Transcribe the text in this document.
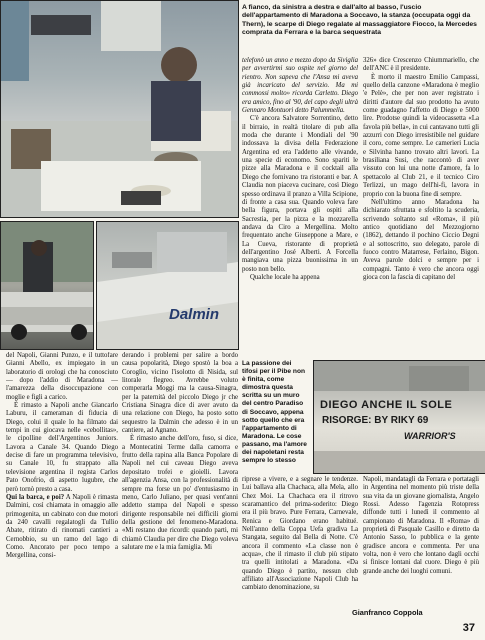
Dalmin
DIEGO ANCHE IL SOLE
RISORGE: BY RIKY 69
WARRIOR'S
A fianco, da sinistra a destra e dall'alto al basso, l'uscio dell'appartamento di Maradona a Soccavo, la stanza (occupata oggi da Thern), le scarpe di Diego regalate al massaggiatore Fiocco, la Mercedes comprata da Ferrara e la barca sequestrata
La passione dei tifosi per il Pibe non è finita, come dimostra questa scritta su un muro del centro Paradiso di Soccavo, appena sotto quello che era l'appartamento di Maradona. Le cose passano, ma l'amore dei napoletani resta sempre lo stesso

telefonò un anno e mezzo dopo da Siviglia per avvertirmi suo ospite nel giorno del rientro. Non sapeva che l'Ansa mi aveva già incaricato del servizio. Ma mi commossi molto» ricorda Carletto. Diego era amico, fino al '90, del capo degli ultrà Gennaro Montuori detto Palummella.

C'è ancora Salvatore Sorrentino, detto il birraio, in realtà titolare di pub alla moda che durante i Mondiali del '90 indossava la divisa della Federazione Argentina ed era l'addetto alle vivande, una specie di economo. Sono spariti le pizze alla Maradona e il cocktail alla Diego che fornivano tra ristoranti e bar. A Claudia non piaceva cucinare, così Diego spesso ordinava il pranzo a Villa Scipione, di fronte a casa sua. Quando voleva fare bella figura, portava gli ospiti alla Sacrestia, per la pizza e la mozzarella andava da Ciro a Mergellina. Molto frequentato anche Giuseppone a Mare, e La Cueva, ristorante di proprietà dell'argentino José Alberti. A Forcella mangiava una pizza buonissima in un posto non bello.

Qualche locale ha appena

326» dice Crescenzo Chiummariello, che dell'ANC è il presidente.

È morto il maestro Emilio Campassi, quello della canzone «Maradona è meglio 'e Pelè», che per non aver registrato i diritti d'autore dal suo prodotto ha avuto come guadagno l'affetto di Diego e 5000 lire. Prodotse quindi la videocassetta «La favola più bella», in cui cantavano tutti gli azzurri con Diego irresistibile nel guidare il coro, come sempre. Le camerieri Lucia e Silvinha hanno trovato altri lavori. La brasiliana Susi, che raccontò di aver vissuto con lui una notte d'amore, fa lo spettacolo al Club 21, e il tecnico Ciro Terlizzi, un mago dell'hi-fi, lavora in proprio con la buona fine di sempre.

Nell'ultimo anno Maradona ha dichiarato sfruttata e sfoltito la scuderia, scrivendo soltanto sul «Roma», il più antico quotidiano del Mezzogiorno (1862), dettando il pochino Ciccio Degni e al sottoscritto, suo delegato, parole di fuoco contro Matarrese, Ferlaino, Bigon. Aveva parole dolci e sempre per i compagni. Tanto è vero che ancora oggi gioca con la fascia di capitano del

del Napoli, Gianni Punzo, e il tuttofare Gianni Abello, ex impiegato in un laboratorio di orologi che ha conosciuto — dopo l'addio di Maradona — l'amarezza della disoccupazione con moglie e figli a carico.

È rimasto a Napoli anche Giancarlo Laburu, il cameraman di fiducia di Diego, colui il quale lo ha filmato dai tempi in cui giocava nelle «cebollitas», le cipolline dell'Argentinos Juniors. Lavora a Canale 34. Quando Diego decise di fare un programma televisivo, su Canale 10, fu strappato alla televisione argentina il regista Carlos Pato Onofrio, di aspetto lugubre, che però tornò presto a casa.

Qui la barca, e poi? A Napoli è rimasta Dalmini, così chiamata in omaggio alle primogenita, un cabinato con due motori da 240 cavalli regalatogli da Tullio Abate, ritirato di rinomati cantieri a Cernobbio, su un ramo del lago di Como. Ancorato per poco tempo a Mergellina, consi-

derando i problemi per salire a bordo causa popolarità, Diego spostò la boa a Coroglio, vicino l'isolotto di Nisida, sul litorale flegreo. Avrebbe voluto comperarla Moggi ma la causa-Sinagra, per la paternità del piccolo Diego jr che Cristiana Sinagra dice di aver avuto da una relazione con Diego, ha posto sotto sequestro la Dalmin che adesso è in un cantiere, ad Agnano.

È rimasto anche dell'oro, fuso, si dice, a Montecatini Terme dalla camorra e frutto della rapina alla Banca Popolare di Napoli nel cui caveau Diego aveva depositato trofei e gioielli. Lavora all'agenzia Ansa, con la professionalità di sempre ma forse un po' d'entusiasmo in meno, Carlo Juliano, per quasi vent'anni addetto stampa del Napoli e spesso dirigente responsabile nei difficili giorni della gestione del fenomeno-Maradona. «Mi restano due ricordi: quando parti, mi chiamò Claudia per dire che Diego voleva salutare me e la mia famiglia. Mi

riprese a vivere, e a segnare le tendenze. Lui ballava alla Chachaca, alla Mela, allo Chez Moi. La Chachaca era il ritrovo scaramantico del prima-soderito: Diego era il più bravo. Pure Ferrara, Carnevale, Renica e Giordano erano habitué. Nell'anno della Coppa Uefa gradiva La Stangata, seguito dal Bella di Notte. C'è ancora il commento «La classe non è acqua», che il rimasto il club più stipato tra quelli intitolati a Maradona. «Da quando Diego è partito, nessun club affiliato all'Associazione Napoli Club ha cambiato denominazione, su

Napoli, mandatagli da Ferrara e portatagli in Argentina nel momento più triste della sua vita da un giovane giornalista, Angelo Rossi. Adesso l'agenzia Rotopress diffonde tutti i lunedì il commento al campionato di Maradona. Il «Roma» di proprietà di Pasquale Casillo e diretto da Antonio Sasso, lo pubblica e la gente gradisce ancora e commenta. Per una volta, non è vero che lontano dagli occhi si finisce lontani dal cuore. Diego è più grande anche dei luoghi comuni.

Gianfranco Coppola
37
